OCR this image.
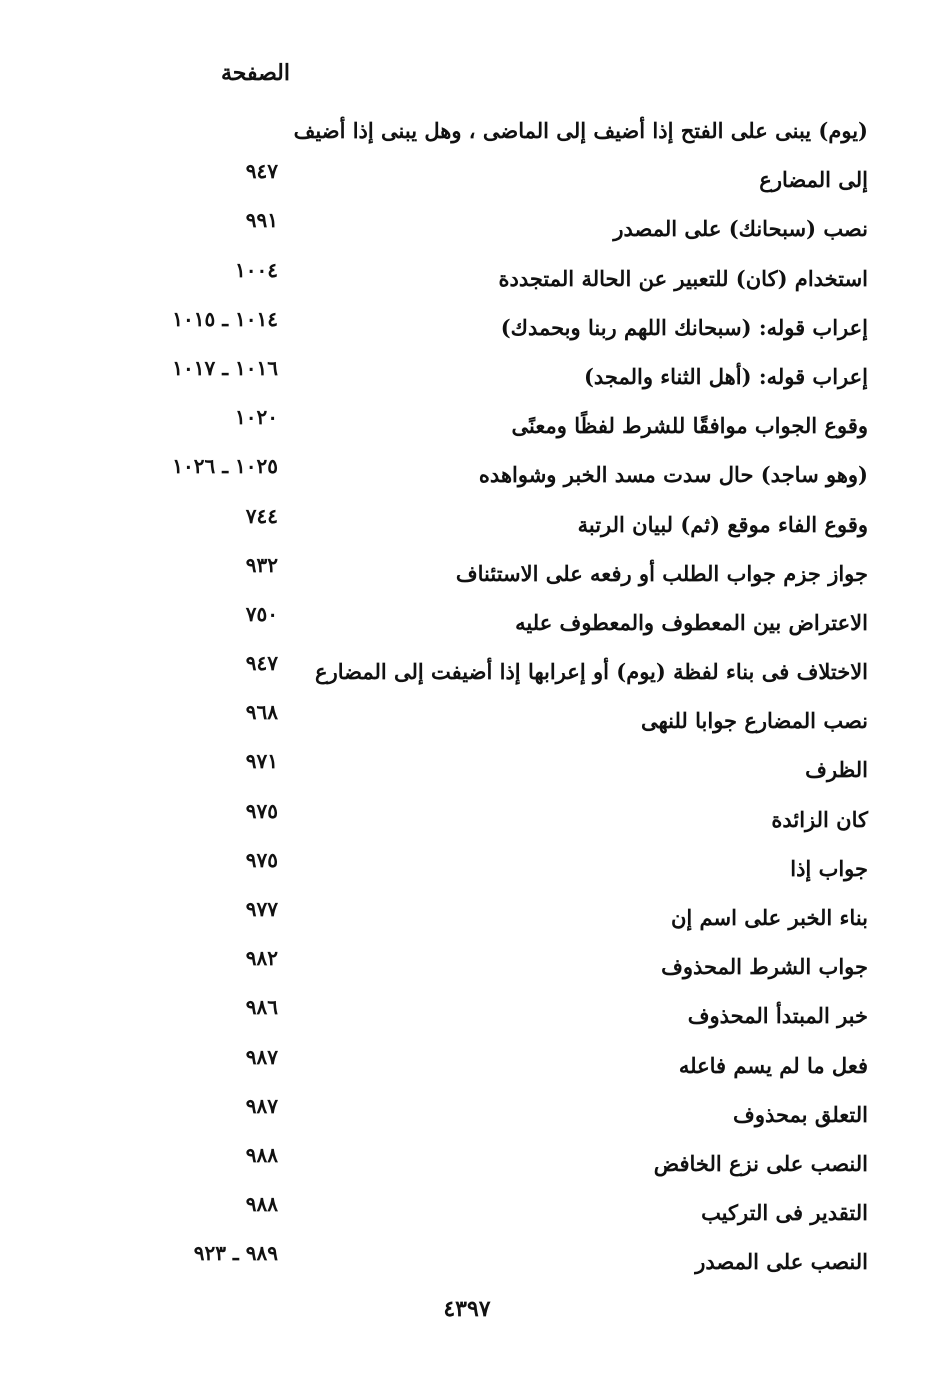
الصفحة
(يوم) يبنى على الفتح إذا أضيف إلى الماضى ، وهل يبنى إذا أضيف
إلى المضارع
٩٤٧
نصب (سبحانك) على المصدر
٩٩١
استخدام (كان) للتعبير عن الحالة المتجددة
١٠٠٤
إعراب قوله: (سبحانك اللهم ربنا وبحمدك)
١٠١٤ ـ ١٠١٥
إعراب قوله: (أهل الثناء والمجد)
١٠١٦ ـ ١٠١٧
وقوع الجواب موافقًا للشرط لفظًا ومعنًى
١٠٢٠
(وهو ساجد) حال سدت مسد الخبر وشواهده
١٠٢٥ ـ ١٠٢٦
وقوع الفاء موقع (ثم) لبيان الرتبة
٧٤٤
جواز جزم جواب الطلب أو رفعه على الاستئناف
٩٣٢
الاعتراض بين المعطوف والمعطوف عليه
٧٥٠
الاختلاف فى بناء لفظة (يوم) أو إعرابها إذا أضيفت إلى المضارع
٩٤٧
نصب المضارع جوابا للنهى
٩٦٨
الظرف
٩٧١
كان الزائدة
٩٧٥
جواب إذا
٩٧٥
بناء الخبر على اسم إن
٩٧٧
جواب الشرط المحذوف
٩٨٢
خبر المبتدأ المحذوف
٩٨٦
فعل ما لم يسم فاعله
٩٨٧
التعلق بمحذوف
٩٨٧
النصب على نزع الخافض
٩٨٨
التقدير فى التركيب
٩٨٨
النصب على المصدر
٩٨٩ ـ ٩٢٣
٤٣٩٧
